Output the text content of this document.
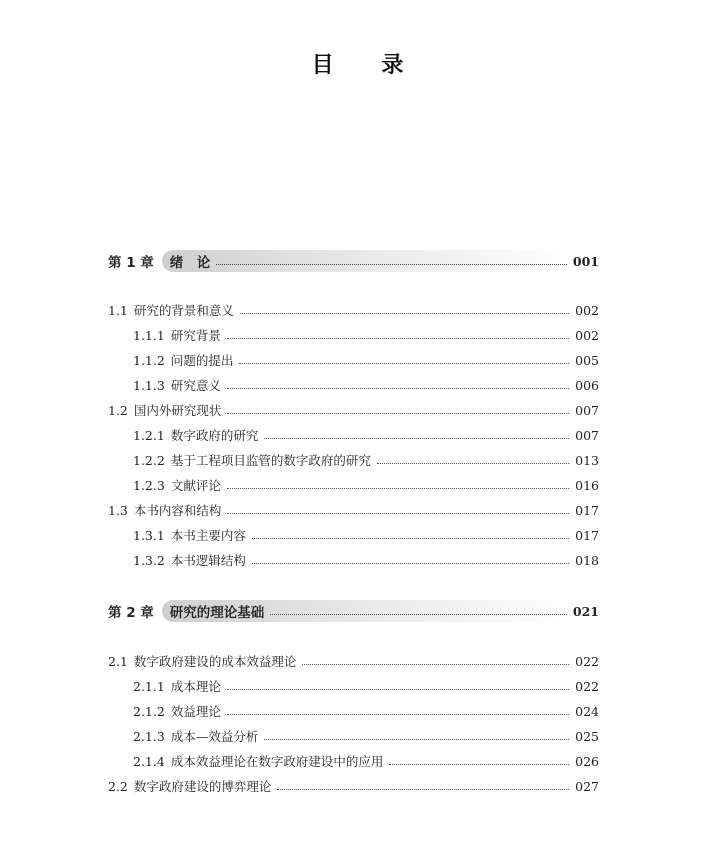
目 录
第 1 章 绪　论	001
1.1 研究的背景和意义	002
1.1.1 研究背景	002
1.1.2 问题的提出	005
1.1.3 研究意义	006
1.2 国内外研究现状	007
1.2.1 数字政府的研究	007
1.2.2 基于工程项目监管的数字政府的研究	013
1.2.3 文献评论	016
1.3 本书内容和结构	017
1.3.1 本书主要内容	017
1.3.2 本书逻辑结构	018
第 2 章 研究的理论基础	021
2.1 数字政府建设的成本效益理论	022
2.1.1 成本理论	022
2.1.2 效益理论	024
2.1.3 成本—效益分析	025
2.1.4 成本效益理论在数字政府建设中的应用	026
2.2 数字政府建设的博弈理论	027
